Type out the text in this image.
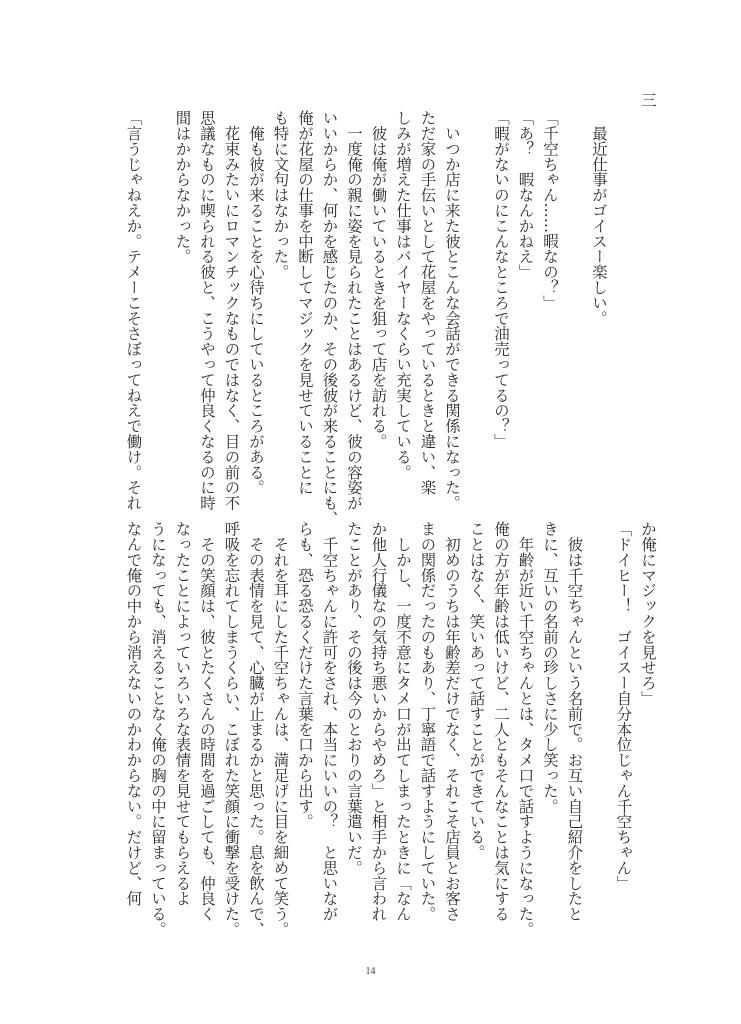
三
　最近仕事がゴイスー楽しい。
「千空ちゃん……暇なの？」
「あ？　暇なんかねえ」
「暇がないのにこんなところで油売ってるの？」
　いつか店に来た彼とこんな会話ができる関係になった。
ただ家の手伝いとして花屋をやっているときと違い、楽
しみが増えた仕事はバイヤーなくらい充実している。
　彼は俺が働いているときを狙って店を訪れる。
　一度俺の親に姿を見られたことはあるけど、彼の容姿が
いいからか、何かを感じたのか、その後彼が来ることにも、
俺が花屋の仕事を中断してマジックを見せていることに
も特に文句はなかった。
　俺も彼が来ることを心待ちにしているところがある。
　花束みたいにロマンチックなものではなく、目の前の不
思議なものに喫られる彼と、こうやって仲良くなるのに時
間はかからなかった。
「言うじゃねえか。テメーこそさぼってねえで働け。それ
か俺にマジックを見せろ」
「ドイヒー！　ゴイスー自分本位じゃん千空ちゃん」
　彼は千空ちゃんという名前で。お互い自己紹介をしたと
きに、互いの名前の珍しさに少し笑った。
　年齢が近い千空ちゃんとは、タメ口で話すようになった。
俺の方が年齢は低いけど、二人ともそんなことは気にする
ことはなく、笑いあって話すことができている。
　初めのうちは年齢差だけでなく、それこそ店員とお客さ
まの関係だったのもあり、丁寧語で話すようにしていた。
　しかし、一度不意にタメ口が出てしまったときに「なん
か他人行儀なの気持ち悪いからやめろ」と相手から言われ
たことがあり、その後は今のとおりの言葉遣いだ。
　千空ちゃんに許可をされ、本当にいいの？　と思いなが
らも、恐る恐るくだけた言葉を口から出す。
　それを耳にした千空ちゃんは、満足げに目を細めて笑う。
　その表情を見て、心臓が止まるかと思った。息を飲んで、
呼吸を忘れてしまうくらい、こぼれた笑顔に衝撃を受けた。
　その笑顔は、彼とたくさんの時間を過ごしても、仲良く
なったことによっていろいろな表情を見せてもらえるよ
うになっても、消えることなく俺の胸の中に留まっている。
なんで俺の中から消えないのかわからない。だけど、何
14
